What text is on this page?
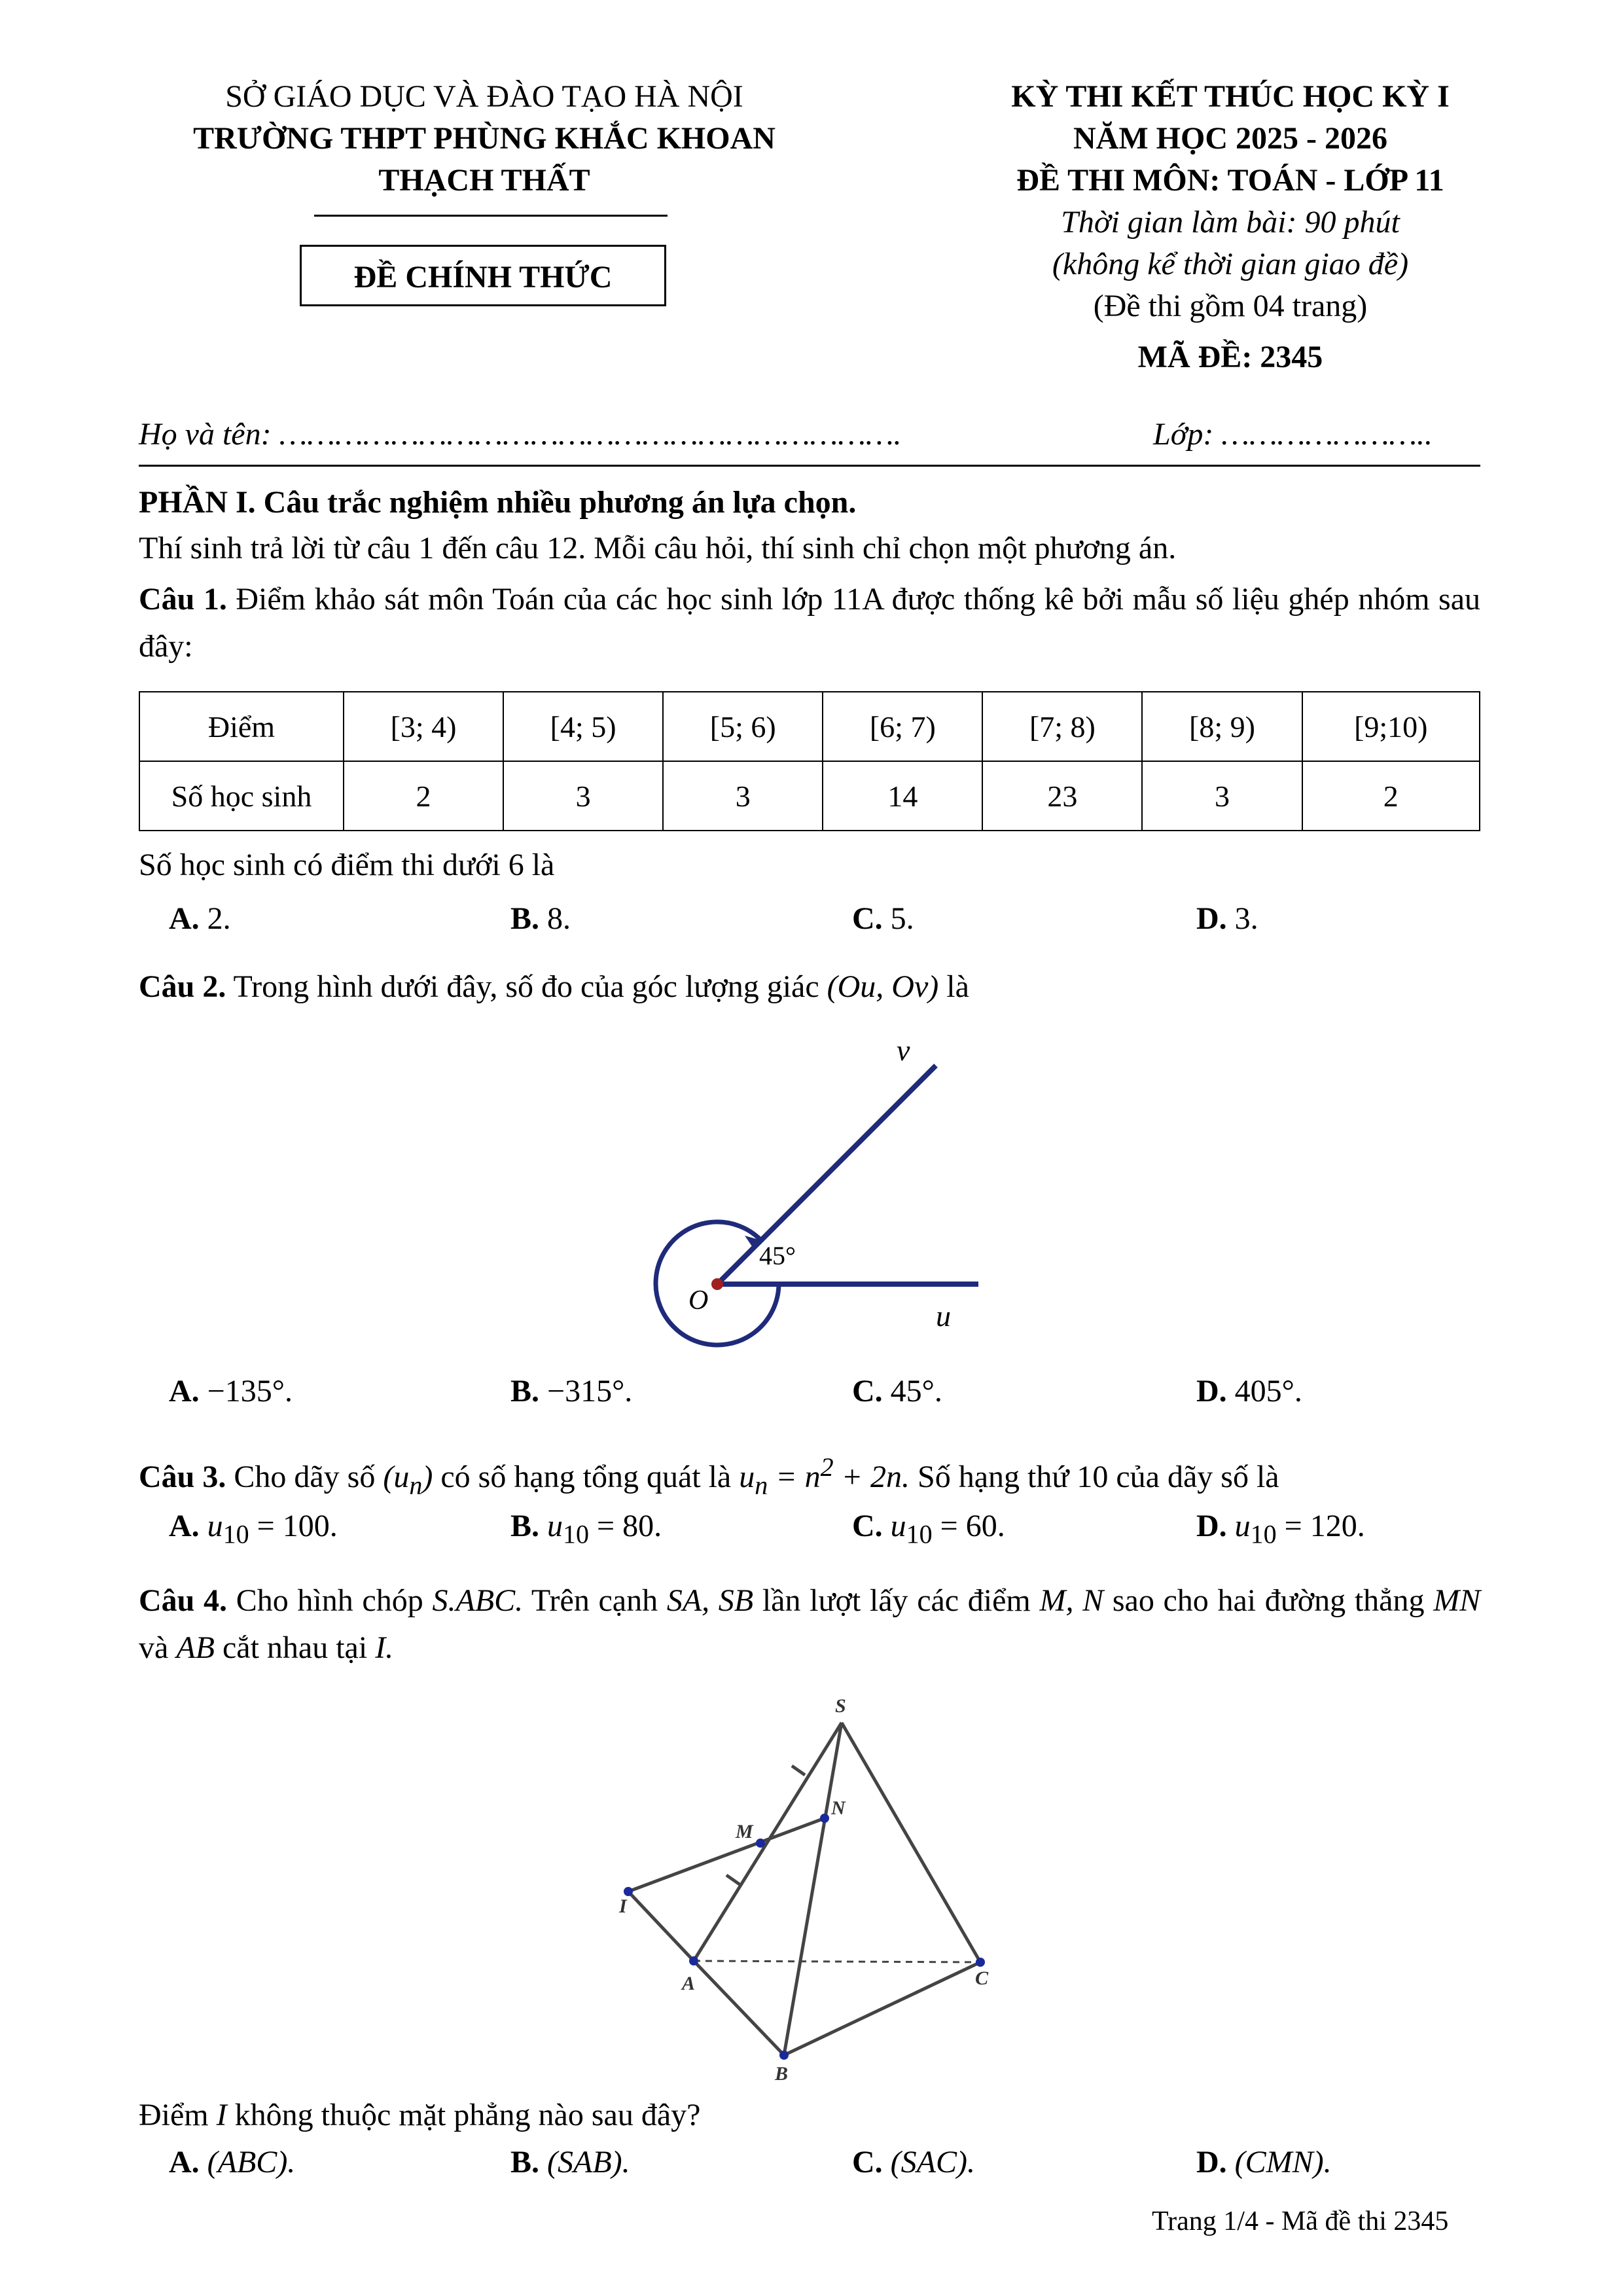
SỞ GIÁO DỤC VÀ ĐÀO TẠO HÀ NỘI
TRƯỜNG THPT PHÙNG KHẮC KHOAN
THẠCH THẤT
ĐỀ CHÍNH THỨC
KỲ THI KẾT THÚC HỌC KỲ I
NĂM HỌC 2025 - 2026
ĐỀ THI MÔN: TOÁN - LỚP 11
Thời gian làm bài: 90 phút
(không kể thời gian giao đề)
(Đề thi gồm 04 trang)
MÃ ĐỀ: 2345
Họ và tên: ………………………………………………………….	Lớp: …………………..
PHẦN I. Câu trắc nghiệm nhiều phương án lựa chọn.
Thí sinh trả lời từ câu 1 đến câu 12. Mỗi câu hỏi, thí sinh chỉ chọn một phương án.
Câu 1. Điểm khảo sát môn Toán của các học sinh lớp 11A được thống kê bởi mẫu số liệu ghép nhóm sau đây:
Điểm	[3; 4)	[4; 5)	[5; 6)	[6; 7)	[7; 8)	[8; 9)	[9;10)
Số học sinh	2	3	3	14	23	3	2
Số học sinh có điểm thi dưới 6 là
A. 2.	B. 8.	C. 5.	D. 3.
Câu 2. Trong hình dưới đây, số đo của góc lượng giác (Ou, Ov) là
v
u
O
45°
A. −135°.	B. −315°.	C. 45°.	D. 405°.
Câu 3. Cho dãy số $(u_n)$ có số hạng tổng quát là $u_n = n^2 + 2n$. Số hạng thứ 10 của dãy số là
A. $u_{10} = 100$.	B. $u_{10} = 80$.	C. $u_{10} = 60$.	D. $u_{10} = 120$.
Câu 4. Cho hình chóp S.ABC. Trên cạnh SA, SB lần lượt lấy các điểm M, N sao cho hai đường thẳng MN và AB cắt nhau tại I.
S
N
M
I
A	C
B
Điểm I không thuộc mặt phẳng nào sau đây?
A. (ABC).	B. (SAB).	C. (SAC).	D. (CMN).
Trang 1/4 - Mã đề thi 2345
